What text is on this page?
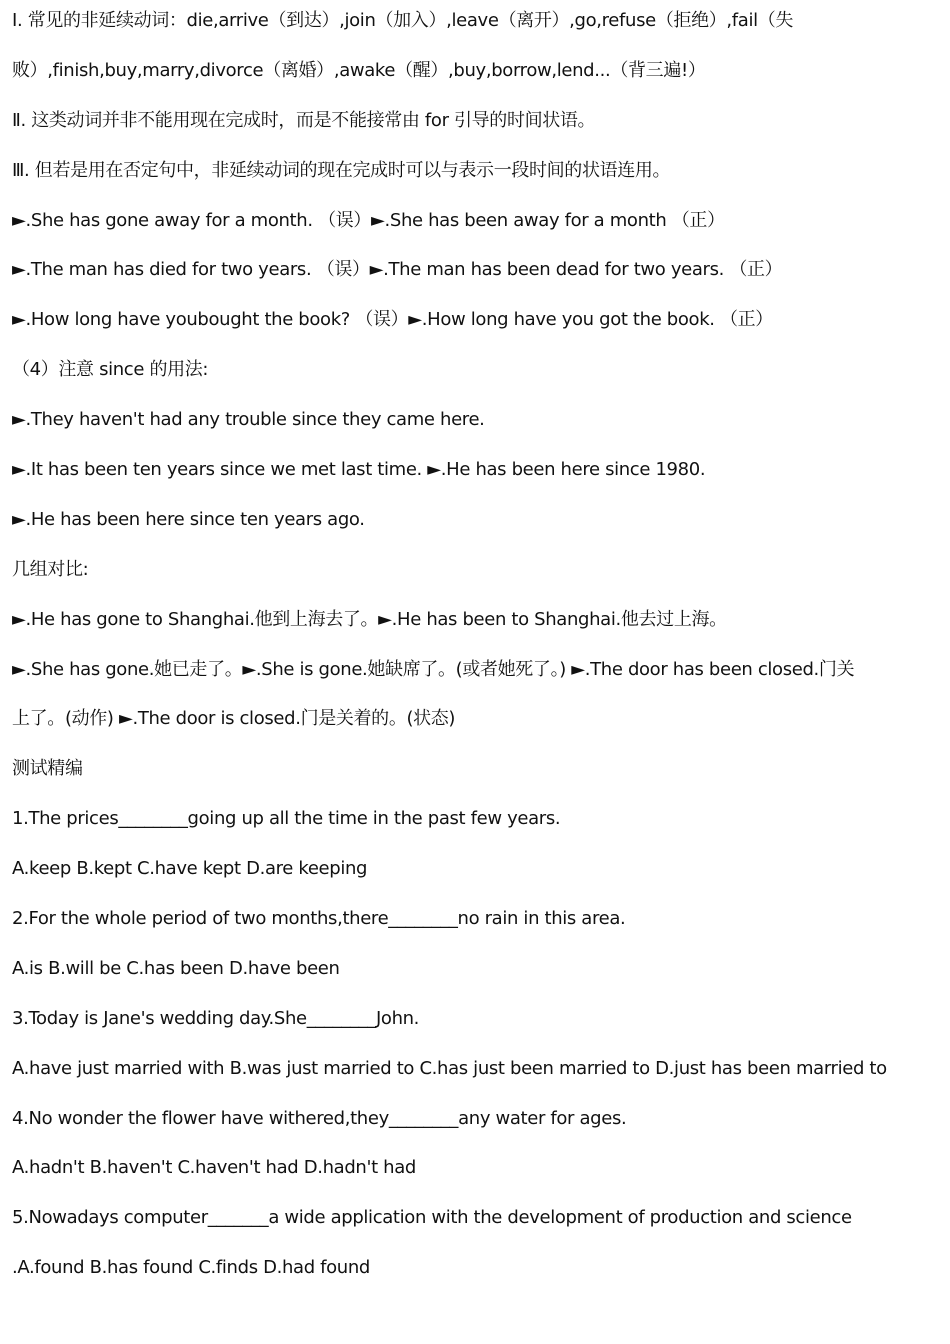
Ⅰ. 常见的非延续动词：die,arrive（到达）,join（加入）,leave（离开）,go,refuse（拒绝）,fail（失
败）,finish,buy,marry,divorce（离婚）,awake（醒）,buy,borrow,lend...（背三遍!）
Ⅱ. 这类动词并非不能用现在完成时，而是不能接常由 for 引导的时间状语。
Ⅲ. 但若是用在否定句中，非延续动词的现在完成时可以与表示一段时间的状语连用。
►.She has gone away for a month. （误）►.She has been away for a month （正）
►.The man has died for two years. （误）►.The man has been dead for two years. （正）
►.How long have youbought the book? （误）►.How long have you got the book. （正）
（4）注意 since 的用法:
►.They haven't had any trouble since they came here.
►.It has been ten years since we met last time. ►.He has been here since 1980.
►.He has been here since ten years ago.
几组对比:
►.He has gone to Shanghai.他到上海去了。►.He has been to Shanghai.他去过上海。
►.She has gone.她已走了。►.She is gone.她缺席了。(或者她死了。) ►.The door has been closed.门关
上了。(动作) ►.The door is closed.门是关着的。(状态)
测试精编
1.The prices________going up all the time in the past few years.
A.keep B.kept C.have kept D.are keeping
2.For the whole period of two months,there________no rain in this area.
A.is B.will be C.has been D.have been
3.Today is Jane's wedding day.She________John.
A.have just married with B.was just married to C.has just been married to D.just has been married to
4.No wonder the flower have withered,they________any water for ages.
A.hadn't B.haven't C.haven't had D.hadn't had
5.Nowadays computer_______a wide application with the development of production and science
.A.found B.has found C.finds D.had found
